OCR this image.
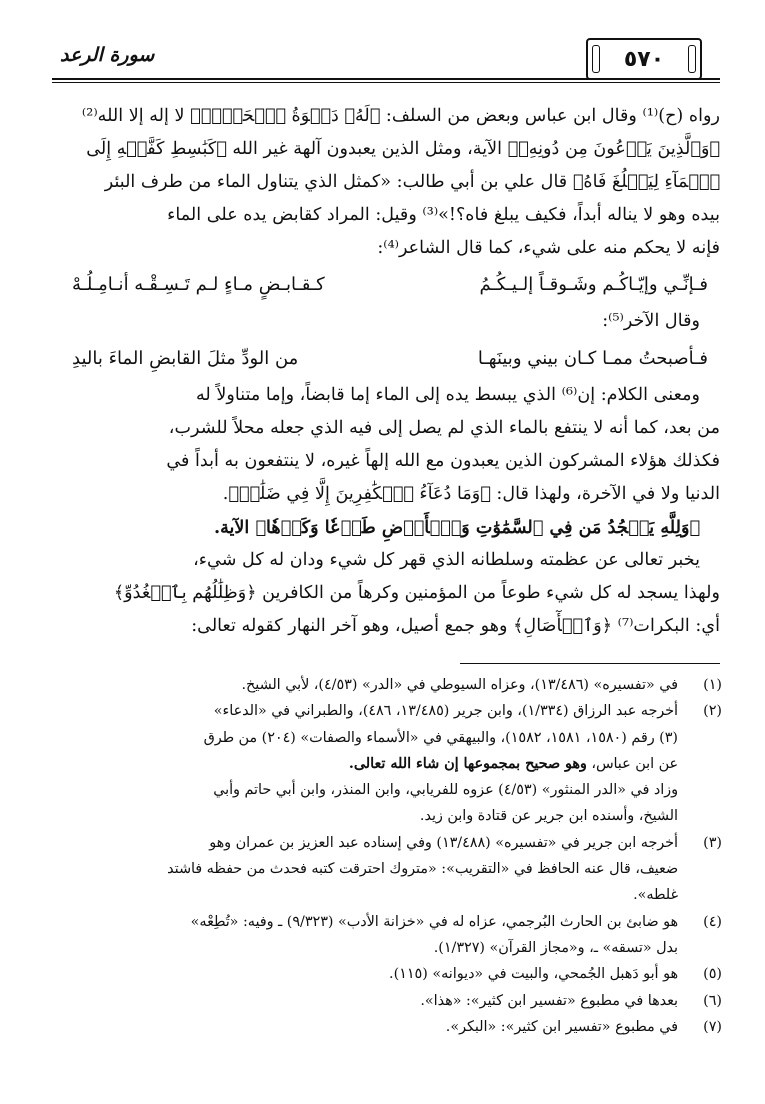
٥٧٠
سورة الرعد

رواه (ح)⁽¹⁾ وقال ابن عباس وبعض من السلف: ﴿لَهُۥ دَعۡوَةُ ٱلۡحَقِّۖ﴾ لا إله إلا الله⁽²⁾

﴿وَٱلَّذِينَ يَدۡعُونَ مِن دُونِهِۦ﴾ الآية، ومثل الذين يعبدون آلهة غير الله ﴿كَبَٰسِطِ كَفَّيۡهِ إِلَى

ٱلۡمَآءِ لِيَبۡلُغَ فَاهُ﴾ قال علي بن أبي طالب: «كمثل الذي يتناول الماء من طرف البئر

بيده وهو لا يناله أبداً، فكيف يبلغ فاه؟!»⁽³⁾ وقيل: المراد كقابض يده على الماء

فإنه لا يحكم منه على شيء، كما قال الشاعر⁽⁴⁾:

فـإنِّـي وإيّـاكُـم وشَـوقـاً إلـيـكُـمُ
كـقـابـضٍ مـاءٍ لـم تَـسِـقْـه أنـامِـلُـهْ

وقال الآخر⁽⁵⁾:

فـأصبحتُ ممـا كـان بيني وبينَهـا
من الودِّ مثلَ القابضِ الماءَ باليدِ

ومعنى الكلام: إن⁽⁶⁾ الذي يبسط يده إلى الماء إما قابضاً، وإما متناولاً له

من بعد، كما أنه لا ينتفع بالماء الذي لم يصل إلى فيه الذي جعله محلاً للشرب،

فكذلك هؤلاء المشركون الذين يعبدون مع الله إلهاً غيره، لا ينتفعون به أبداً في

الدنيا ولا في الآخرة، ولهذا قال: ﴿وَمَا دُعَآءُ ٱلۡكَٰفِرِينَ إِلَّا فِي ضَلَٰلٖ﴾.

﴿وَلِلَّهِ يَسۡجُدُ مَن فِي ٱلسَّمَٰوَٰتِ وَٱلۡأَرۡضِ طَوۡعٗا وَكَرۡهٗا﴾ الآية.

يخبر تعالى عن عظمته وسلطانه الذي قهر كل شيء ودان له كل شيء،

ولهذا يسجد له كل شيء طوعاً من المؤمنين وكرهاً من الكافرين ﴿وَظِلَٰلُهُم بِٱلۡغُدُوِّ﴾

أي: البكرات⁽⁷⁾ ﴿وَٱلۡأٓصَالِ﴾ وهو جمع أصيل، وهو آخر النهار كقوله تعالى:

(١)
في «تفسيره» (١٣/٤٨٦)، وعزاه السيوطي في «الدر» (٤/٥٣)، لأبي الشيخ.
(٢)
أخرجه عبد الرزاق (١/٣٣٤)، وابن جرير (١٣/٤٨٥، ٤٨٦)، والطبراني في «الدعاء»
(٣) رقم (١٥٨٠، ١٥٨١، ١٥٨٢)، والبيهقي في «الأسماء والصفات» (٢٠٤) من طرق
عن ابن عباس، وهو صحيح بمجموعها إن شاء الله تعالى.
وزاد في «الدر المنثور» (٤/٥٣) عزوه للفريابي، وابن المنذر، وابن أبي حاتم وأبي
الشيخ، وأسنده ابن جرير عن قتادة وابن زيد.
(٣)
أخرجه ابن جرير في «تفسيره» (١٣/٤٨٨) وفي إسناده عبد العزيز بن عمران وهو
ضعيف، قال عنه الحافظ في «التقريب»: «متروك احترقت كتبه فحدث من حفظه فاشتد
غلطه».
(٤)
هو ضابئ بن الحارث البُرجمي، عزاه له في «خزانة الأدب» (٩/٣٢٣) ـ وفيه: «تُطِعْه»
بدل «تسقه» ـ، و«مجاز القرآن» (١/٣٢٧).
(٥)
هو أبو دَهبل الجُمحي، والبيت في «ديوانه» (١١٥).
(٦)
بعدها في مطبوع «تفسير ابن كثير»: «هذا».
(٧)
في مطبوع «تفسير ابن كثير»: «البكر».
